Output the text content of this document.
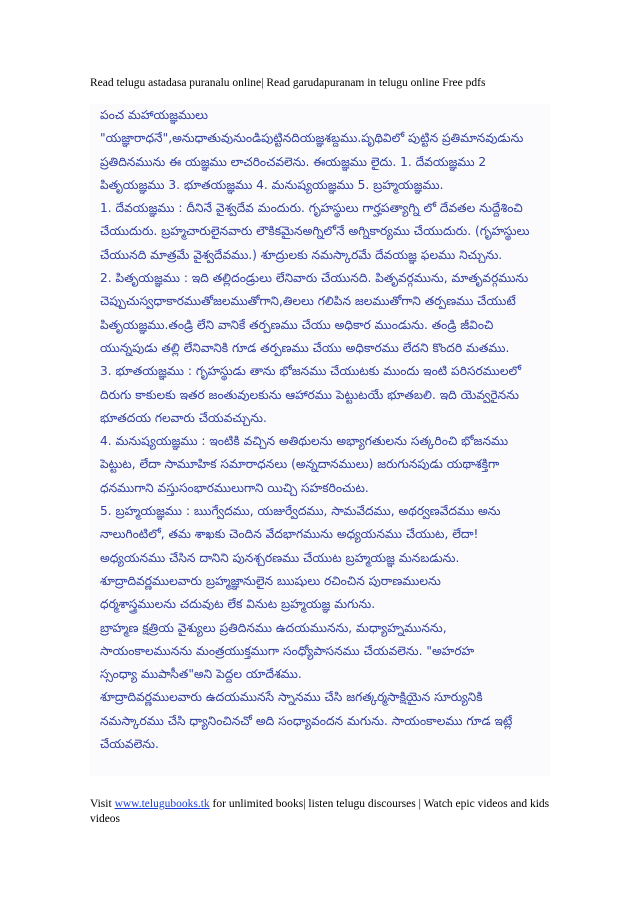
Read telugu astadasa puranalu online| Read garudapuranam in telugu online Free pdfs
పంచ మహాయజ్ఞములు
"యజ్ఞారాధనే",అనుధాతువునుండిపుట్టినదియజ్ఞశబ్దము.పృథివిలో పుట్టిన ప్రతిమానవుడును
ప్రతిదినమును ఈ యజ్ఞము లాచరించవలెను. ఈయజ్ఞము లైదు. 1. దేవయజ్ఞము 2
పితృయజ్ఞము 3. భూతయజ్ఞము 4. మనుష్యయజ్ఞము 5. బ్రహ్మయజ్ఞము.
1. దేవయజ్ఞము : దీనినే వైశ్వదేవ మందురు. గృహస్థులు గార్హపత్యాగ్ని లో దేవతల నుద్దేశించి
చేయుదురు. బ్రహ్మచారులైనవారు లౌకికమైనఅగ్నిలోనే అగ్నికార్యము చేయుదురు. (గృహస్థులు
చేయునది మాత్రమే వైశ్వదేవము.) శూద్రులకు నమస్కారమే దేవయజ్ఞ ఫలము నిచ్చును.
2. పితృయజ్ఞము : ఇది తల్లిదండ్రులు లేనివారు చేయునది. పితృవర్గమును, మాతృవర్గమును
చెప్పుచుస్వధాకారముతోజలముతోగాని,తిలలు గలిపిన జలముతోగాని తర్పణము చేయుటే
పితృయజ్ఞము.తండ్రి లేని వానికే తర్పణము చేయు అధికార ముండును. తండ్రి జీవించి
యున్నపుడు తల్లి లేనివానికి గూడ తర్పణము చేయు అధికారము లేదని కొందరి మతము.
3. భూతయజ్ఞము : గృహస్థుడు తాను భోజనము చేయుటకు ముందు ఇంటి పరిసరములలో
దిరుగు కాకులకు ఇతర జంతువులకును ఆహారము పెట్టుటయే భూతబలి. ఇది యెవ్వరైనను
భూతదయ గలవారు చేయవచ్చును.
4. మనుష్యయజ్ఞము : ఇంటికి వచ్చిన అతిథులను అభ్యాగతులను సత్కరించి భోజనము
పెట్టుట, లేదా సామూహిక సమారాధనలు (అన్నదానములు) జరుగునపుడు యథాశక్తిగా
ధనముగాని వస్తుసంభారములుగాని యిచ్చి సహకరించుట.
5. బ్రహ్మయజ్ఞము : ఋగ్వేదము, యజుర్వేదము, సామవేదము, అథర్వణవేదము అను
నాలుగింటిలో, తమ శాఖకు చెందిన వేదభాగమును అధ్యయనము చేయుట, లేదా!
అధ్యయనము చేసిన దానిని పునశ్చరణము చేయుట బ్రహ్మయజ్ఞ మనబడును.
శూద్రాదివర్ణములవారు బ్రహ్మజ్ఞానులైన ఋషులు రచించిన పురాణములను
ధర్మశాస్త్రములను చదువుట లేక వినుట బ్రహ్మయజ్ఞ మగును.
బ్రాహ్మణ క్షత్రియ వైశ్యులు ప్రతిదినము ఉదయమునను, మధ్యాహ్నమునను,
సాయంకాలమునను మంత్రయుక్తముగా సంధ్యోపాసనము చేయవలెను. "అహరహ
స్సంధ్యా ముపాసీత"అని పెద్దల యాదేశము.
శూద్రాదివర్ణములవారు ఉదయమునసే స్నానము చేసి జగత్కర్మసాక్షియైన సూర్యునికి
నమస్కారము చేసి ధ్యానించినచో అది సంధ్యావందన మగును. సాయంకాలము గూడ ఇట్లే
చేయవలెను.
Visit www.telugubooks.tk for unlimited books| listen telugu discourses | Watch epic videos and kids videos
